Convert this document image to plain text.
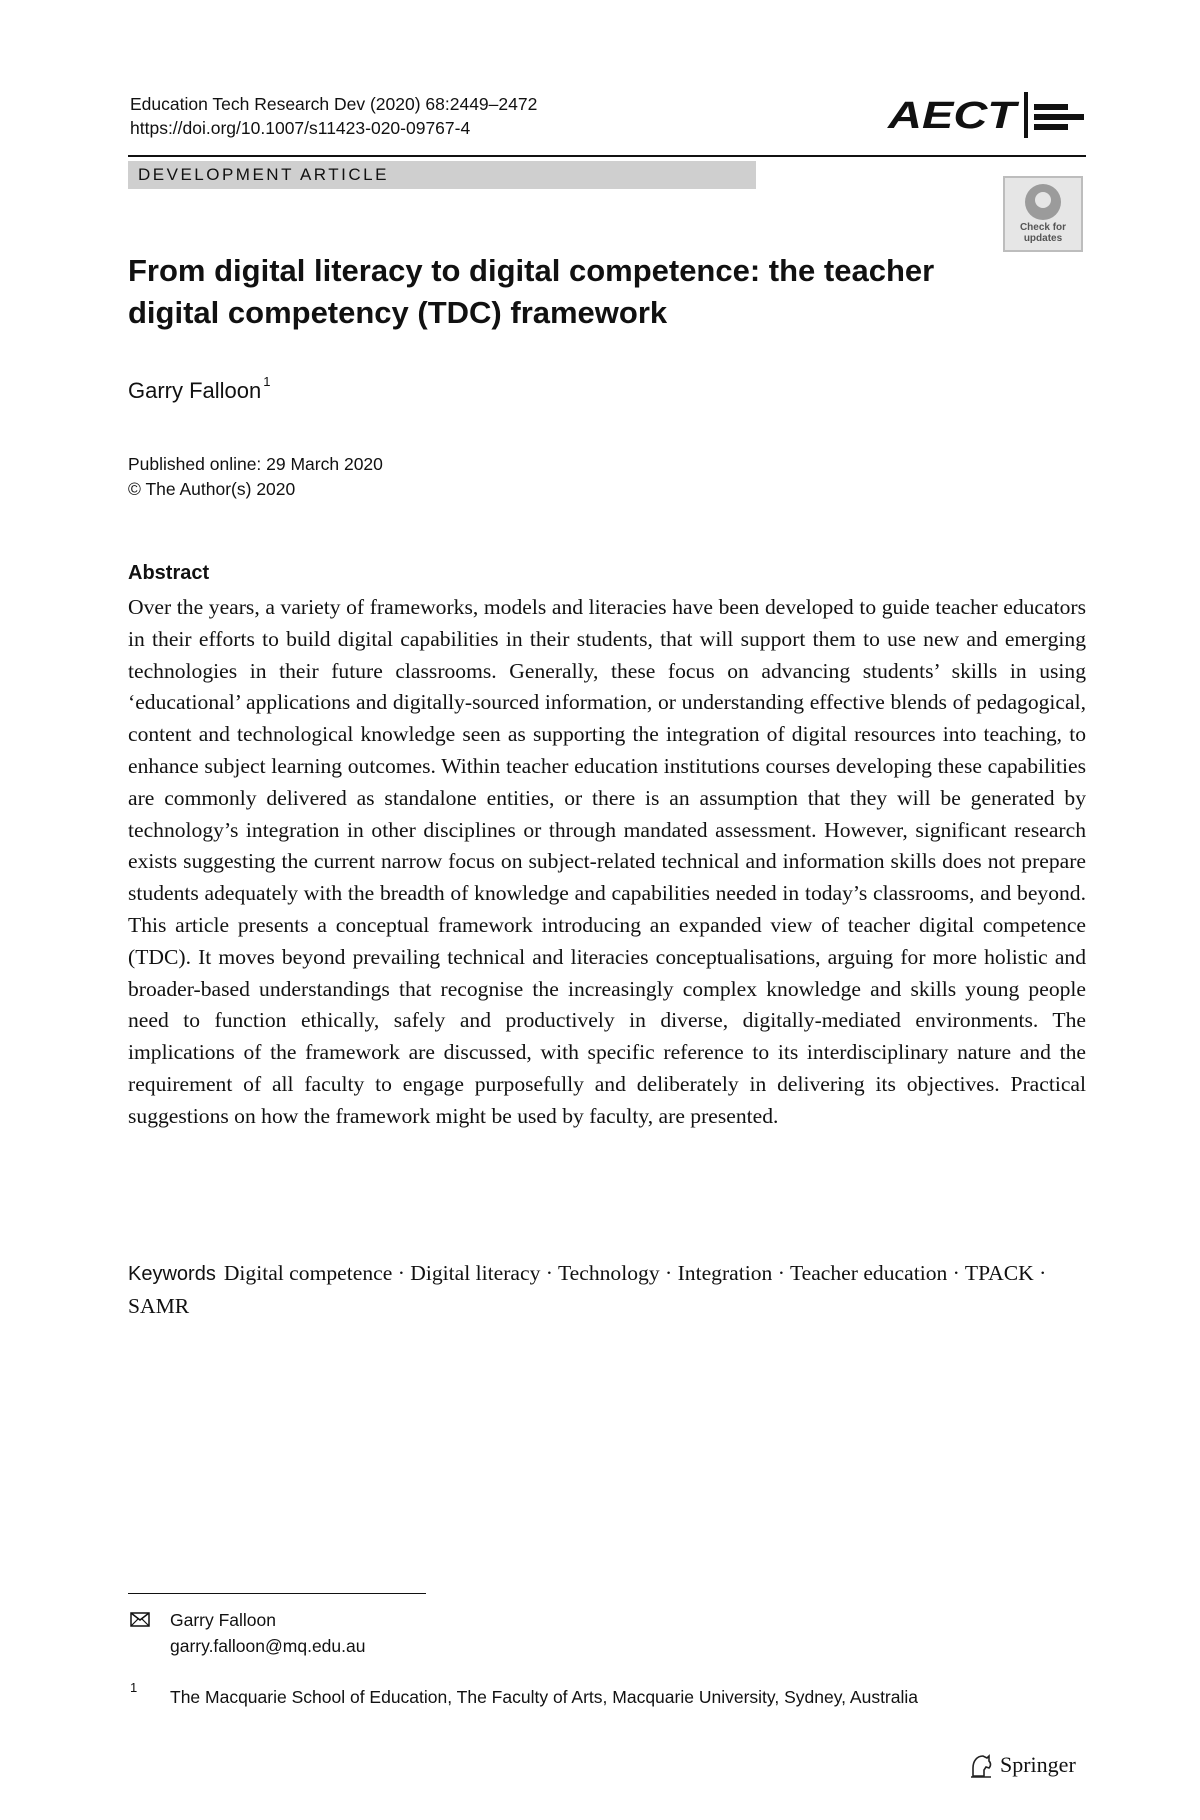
Education Tech Research Dev (2020) 68:2449–2472
https://doi.org/10.1007/s11423-020-09767-4	AECT
DEVELOPMENT ARTICLE
Check for updates
From digital literacy to digital competence: the teacher digital competency (TDC) framework
Garry Falloon $^1$
Published online: 29 March 2020
© The Author(s) 2020
Abstract
Over the years, a variety of frameworks, models and literacies have been developed to guide teacher educators in their efforts to build digital capabilities in their students, that will support them to use new and emerging technologies in their future classrooms. Generally, these focus on advancing students’ skills in using ‘educational’ applications and digitally-sourced information, or understanding effective blends of pedagogical, content and technological knowledge seen as supporting the integration of digital resources into teaching, to enhance subject learning outcomes. Within teacher education institutions courses developing these capabilities are commonly delivered as standalone entities, or there is an assumption that they will be generated by technology’s integration in other disciplines or through mandated assessment. However, significant research exists suggesting the current narrow focus on subject-related technical and information skills does not prepare students adequately with the breadth of knowledge and capabilities needed in today’s classrooms, and beyond. This article presents a conceptual framework introducing an expanded view of teacher digital competence (TDC). It moves beyond prevailing technical and literacies conceptualisations, arguing for more holistic and broader-based understandings that recognise the increasingly complex knowledge and skills young people need to function ethically, safely and productively in diverse, digitally-mediated environments. The implications of the framework are discussed, with specific reference to its interdisciplinary nature and the requirement of all faculty to engage purposefully and deliberately in delivering its objectives. Practical suggestions on how the framework might be used by faculty, are presented.
Keywords Digital competence · Digital literacy · Technology · Integration · Teacher education · TPACK · SAMR
Garry Falloon
garry.falloon@mq.edu.au
1 The Macquarie School of Education, The Faculty of Arts, Macquarie University, Sydney, Australia
Springer
